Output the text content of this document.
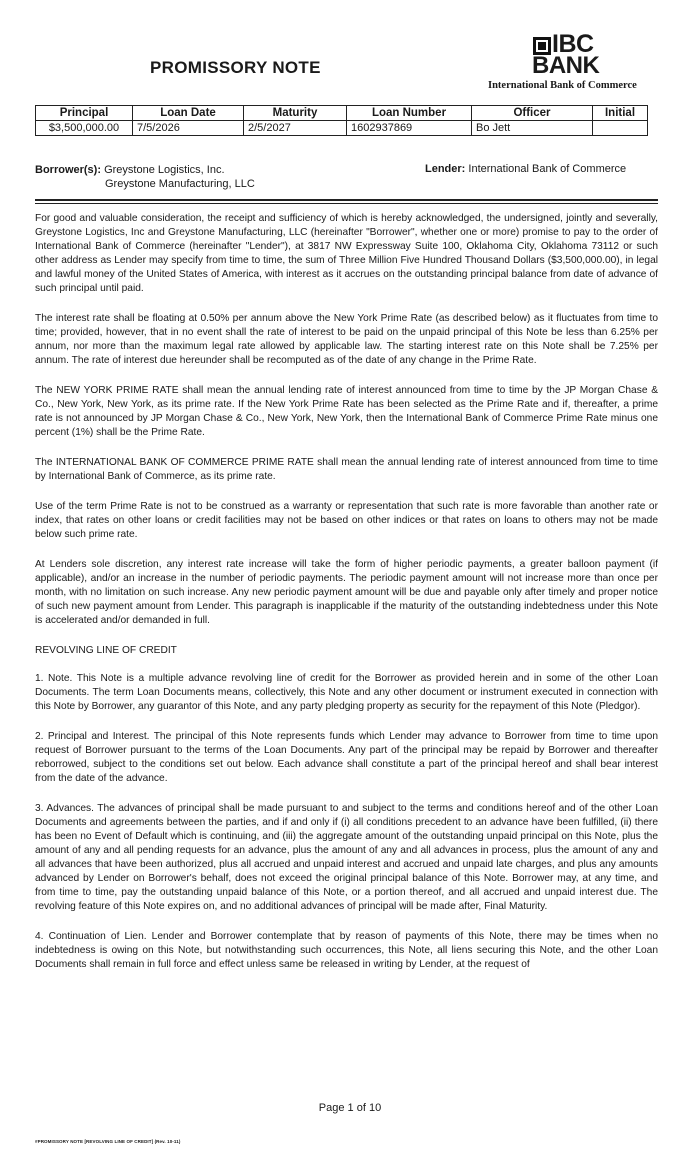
PROMISSORY NOTE
IBC
BANK
International Bank of Commerce
Principal	Loan Date	Maturity	Loan Number	Officer	Initial
$3,500,000.00	7/5/2026	2/5/2027	1602937869	Bo Jett	
Borrower(s): Greystone Logistics, Inc.
Greystone Manufacturing, LLC
Lender: International Bank of Commerce

For good and valuable consideration, the receipt and sufficiency of which is hereby acknowledged, the undersigned, jointly and severally, Greystone Logistics, Inc and Greystone Manufacturing, LLC (hereinafter "Borrower", whether one or more) promise to pay to the order of International Bank of Commerce (hereinafter "Lender"), at 3817 NW Expressway Suite 100, Oklahoma City, Oklahoma 73112 or such other address as Lender may specify from time to time, the sum of Three Million Five Hundred Thousand Dollars ($3,500,000.00), in legal and lawful money of the United States of America, with interest as it accrues on the outstanding principal balance from date of advance of such principal until paid.

The interest rate shall be floating at 0.50% per annum above the New York Prime Rate (as described below) as it fluctuates from time to time; provided, however, that in no event shall the rate of interest to be paid on the unpaid principal of this Note be less than 6.25% per annum, nor more than the maximum legal rate allowed by applicable law. The starting interest rate on this Note shall be 7.25% per annum. The rate of interest due hereunder shall be recomputed as of the date of any change in the Prime Rate.

The NEW YORK PRIME RATE shall mean the annual lending rate of interest announced from time to time by the JP Morgan Chase & Co., New York, New York, as its prime rate. If the New York Prime Rate has been selected as the Prime Rate and if, thereafter, a prime rate is not announced by JP Morgan Chase & Co., New York, New York, then the International Bank of Commerce Prime Rate minus one percent (1%) shall be the Prime Rate.

The INTERNATIONAL BANK OF COMMERCE PRIME RATE shall mean the annual lending rate of interest announced from time to time by International Bank of Commerce, as its prime rate.

Use of the term Prime Rate is not to be construed as a warranty or representation that such rate is more favorable than another rate or index, that rates on other loans or credit facilities may not be based on other indices or that rates on loans to others may not be made below such prime rate.

At Lenders sole discretion, any interest rate increase will take the form of higher periodic payments, a greater balloon payment (if applicable), and/or an increase in the number of periodic payments. The periodic payment amount will not increase more than once per month, with no limitation on such increase. Any new periodic payment amount will be due and payable only after timely and proper notice of such new payment amount from Lender. This paragraph is inapplicable if the maturity of the outstanding indebtedness under this Note is accelerated and/or demanded in full.

REVOLVING LINE OF CREDIT

1. Note. This Note is a multiple advance revolving line of credit for the Borrower as provided herein and in some of the other Loan Documents. The term Loan Documents means, collectively, this Note and any other document or instrument executed in connection with this Note by Borrower, any guarantor of this Note, and any party pledging property as security for the repayment of this Note (Pledgor).

2. Principal and Interest. The principal of this Note represents funds which Lender may advance to Borrower from time to time upon request of Borrower pursuant to the terms of the Loan Documents. Any part of the principal may be repaid by Borrower and thereafter reborrowed, subject to the conditions set out below. Each advance shall constitute a part of the principal hereof and shall bear interest from the date of the advance.

3. Advances. The advances of principal shall be made pursuant to and subject to the terms and conditions hereof and of the other Loan Documents and agreements between the parties, and if and only if (i) all conditions precedent to an advance have been fulfilled, (ii) there has been no Event of Default which is continuing, and (iii) the aggregate amount of the outstanding unpaid principal on this Note, plus the amount of any and all pending requests for an advance, plus the amount of any and all advances in process, plus the amount of any and all advances that have been authorized, plus all accrued and unpaid interest and accrued and unpaid late charges, and plus any amounts advanced by Lender on Borrower's behalf, does not exceed the original principal balance of this Note. Borrower may, at any time, and from time to time, pay the outstanding unpaid balance of this Note, or a portion thereof, and all accrued and unpaid interest due. The revolving feature of this Note expires on, and no additional advances of principal will be made after, Final Maturity.

4. Continuation of Lien. Lender and Borrower contemplate that by reason of payments of this Note, there may be times when no indebtedness is owing on this Note, but notwithstanding such occurrences, this Note, all liens securing this Note, and the other Loan Documents shall remain in full force and effect unless same be released in writing by Lender, at the request of

Page 1 of 10
#PROMISSORY NOTE [REVOLVING LINE OF CREDIT] (Rev. 10-11)
